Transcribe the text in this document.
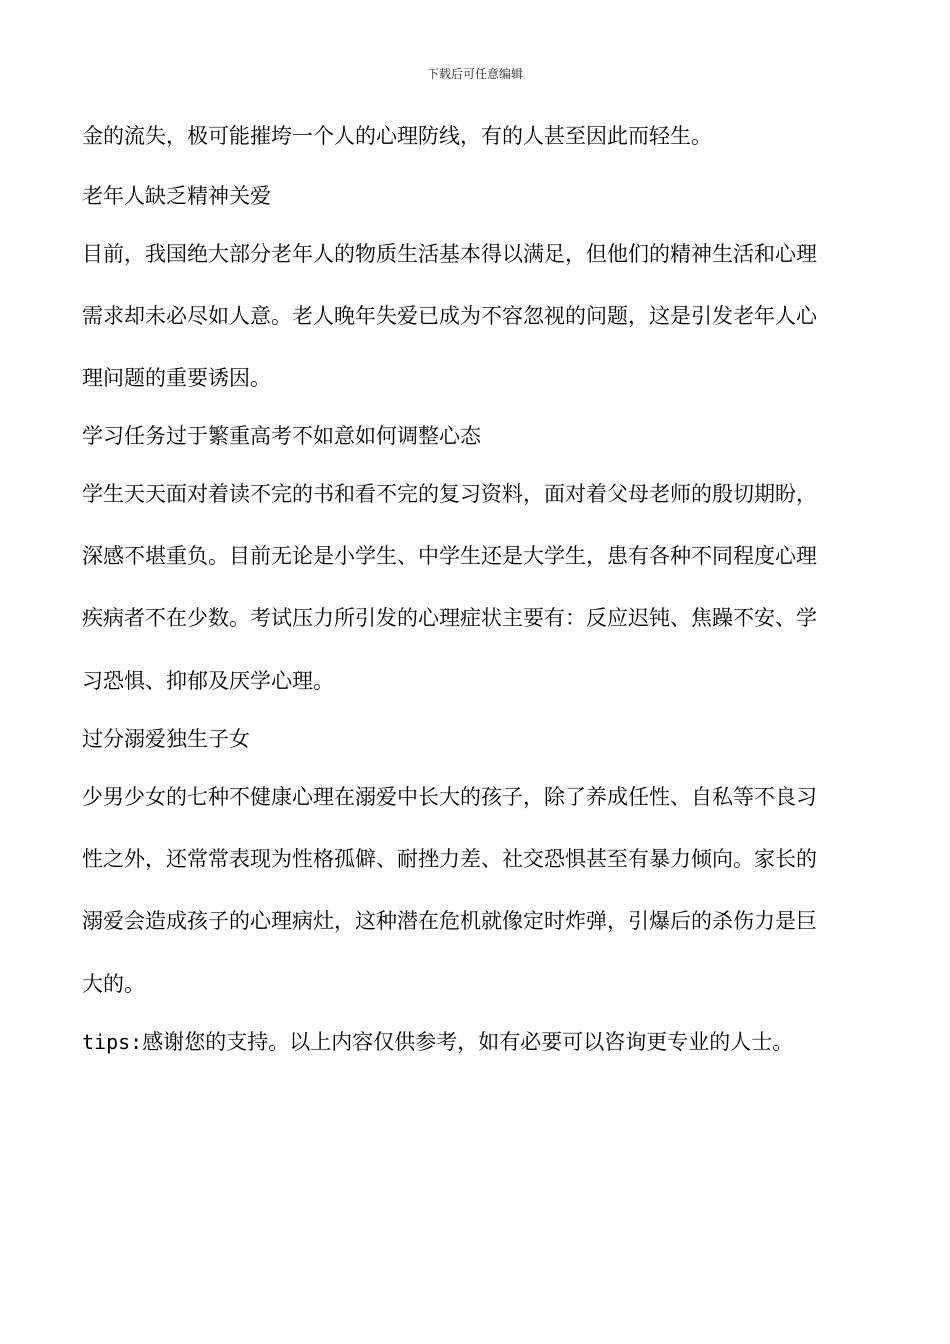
下载后可任意编辑
金的流失，极可能摧垮一个人的心理防线，有的人甚至因此而轻生。
老年人缺乏精神关爱
目前，我国绝大部分老年人的物质生活基本得以满足，但他们的精神生活和心理
需求却未必尽如人意。老人晚年失爱已成为不容忽视的问题，这是引发老年人心
理问题的重要诱因。
学习任务过于繁重高考不如意如何调整心态
学生天天面对着读不完的书和看不完的复习资料，面对着父母老师的殷切期盼，
深感不堪重负。目前无论是小学生、中学生还是大学生，患有各种不同程度心理
疾病者不在少数。考试压力所引发的心理症状主要有：反应迟钝、焦躁不安、学
习恐惧、抑郁及厌学心理。
过分溺爱独生子女
少男少女的七种不健康心理在溺爱中长大的孩子，除了养成任性、自私等不良习
性之外，还常常表现为性格孤僻、耐挫力差、社交恐惧甚至有暴力倾向。家长的
溺爱会造成孩子的心理病灶，这种潜在危机就像定时炸弹，引爆后的杀伤力是巨
大的。
tips:感谢您的支持。以上内容仅供参考，如有必要可以咨询更专业的人士。
